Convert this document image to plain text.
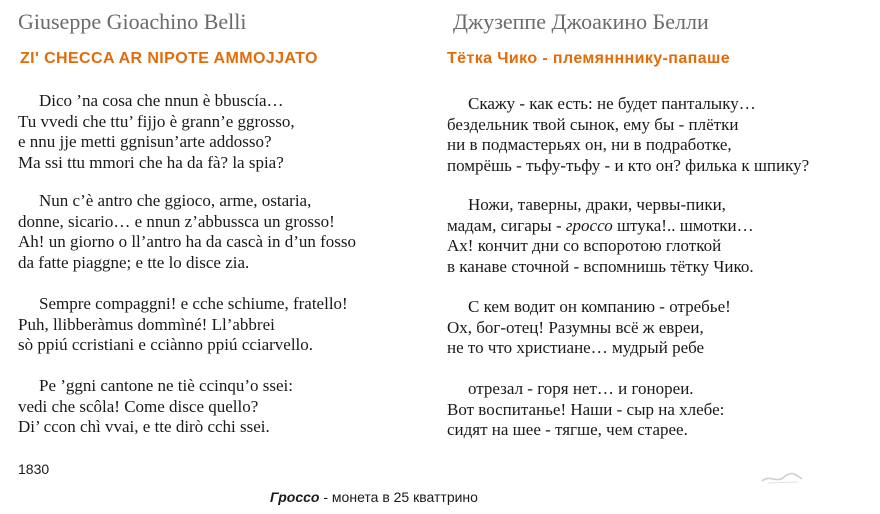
Giuseppe Gioachino Belli
ZI' CHECCA AR NIPOTE AMMOJJATO
Dico ’na cosa che nnun è bbuscía…
Tu vvedi che ttu’ fijjo è grann’e ggrosso,
e nnu jje metti ggnisun’arte addosso?
Ma ssi ttu mmori che ha da fà? la spia?
Nun c’è antro che ggioco, arme, ostaria,
donne, sicario… e nnun z’abbussca un grosso!
Ah! un giorno o ll’antro ha da cascà in d’un fosso
da fatte piaggne; e tte lo disce zia.
Sempre compaggni! e cche schiume, fratello!
Puh, llibberàmus dommìné! Ll’abbrei
sò ppiú ccristiani e cciànno ppiú cciarvello.
Pe ’ggni cantone ne tiè ccinqu’o ssei:
vedi che scôla! Come disce quello?
Di’ ccon chì vvai, e tte dirò cchi ssei.
Джузеппе Джоакино Белли
Тётка Чико - племянннику-папаше
Скажу - как есть: не будет панталыку…
бездельник твой сынок, ему бы - плётки
ни в подмастерьях он, ни в подработке,
помрёшь - тьфу-тьфу - и кто он? филька к шпику?
Ножи, таверны, драки, червы-пики,
мадам, сигары - гроссо штука!.. шмотки…
Ах! кончит дни со вспоротою глоткой
в канаве сточной - вспомнишь тётку Чико.
С кем водит он компанию - отребье!
Ох, бог-отец! Разумны всё ж евреи,
не то что христиане… мудрый ребе
отрезал - горя нет… и гонореи.
Вот воспитанье! Наши - сыр на хлебе:
сидят на шее - тягше, чем старее.
1830
Гроссо - монета в 25 кваттрино
